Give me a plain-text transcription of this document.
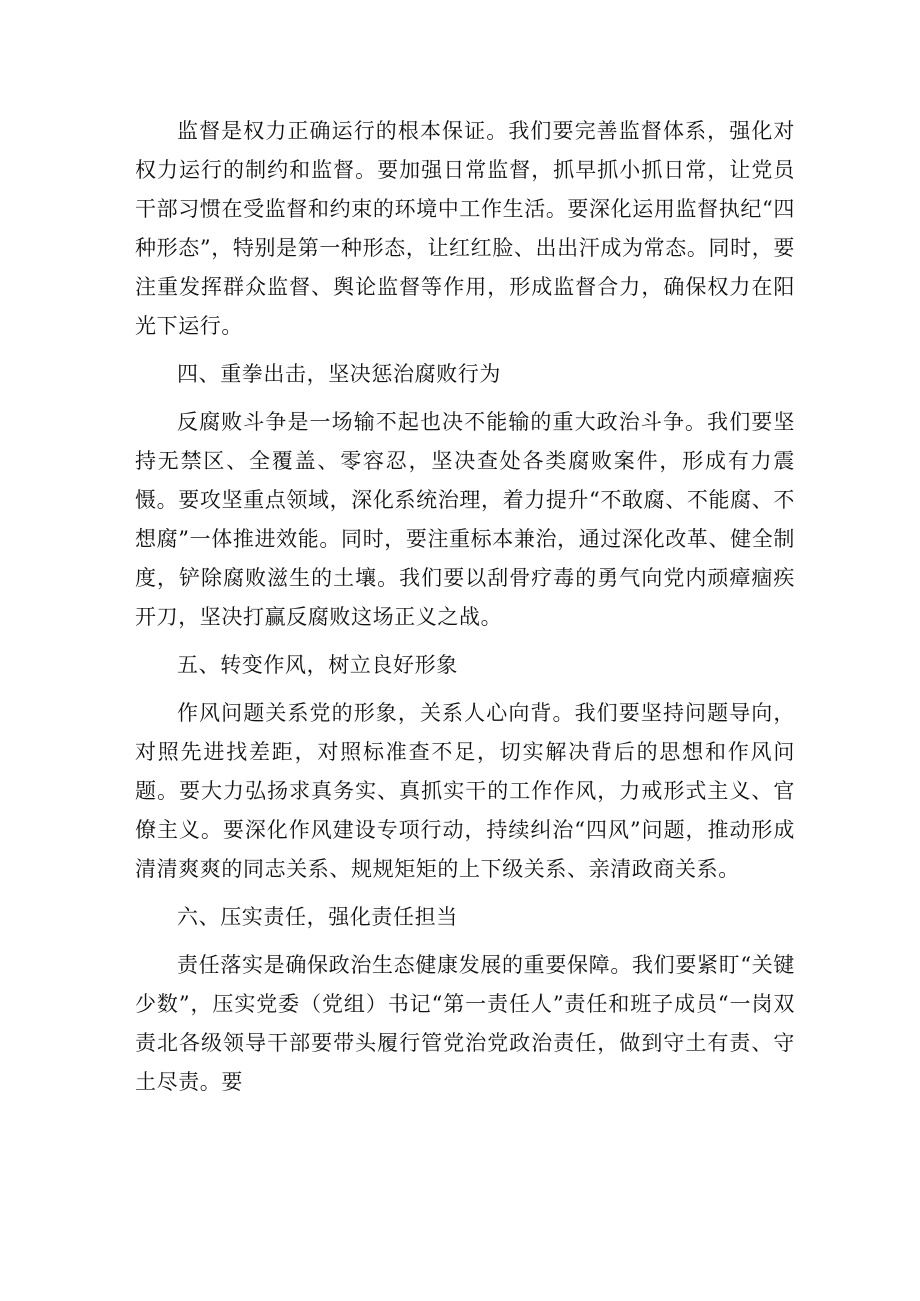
监督是权力正确运行的根本保证。我们要完善监督体系，强化对权力运行的制约和监督。要加强日常监督，抓早抓小抓日常，让党员干部习惯在受监督和约束的环境中工作生活。要深化运用监督执纪“四种形态”，特别是第一种形态，让红红脸、出出汗成为常态。同时，要注重发挥群众监督、舆论监督等作用，形成监督合力，确保权力在阳光下运行。

四、重拳出击，坚决惩治腐败行为

反腐败斗争是一场输不起也决不能输的重大政治斗争。我们要坚持无禁区、全覆盖、零容忍，坚决查处各类腐败案件，形成有力震慑。要攻坚重点领域，深化系统治理，着力提升“不敢腐、不能腐、不想腐”一体推进效能。同时，要注重标本兼治，通过深化改革、健全制度，铲除腐败滋生的土壤。我们要以刮骨疗毒的勇气向党内顽瘴痼疾开刀，坚决打赢反腐败这场正义之战。

五、转变作风，树立良好形象

作风问题关系党的形象，关系人心向背。我们要坚持问题导向，对照先进找差距，对照标准查不足，切实解决背后的思想和作风问题。要大力弘扬求真务实、真抓实干的工作作风，力戒形式主义、官僚主义。要深化作风建设专项行动，持续纠治“四风”问题，推动形成清清爽爽的同志关系、规规矩矩的上下级关系、亲清政商关系。

六、压实责任，强化责任担当

责任落实是确保政治生态健康发展的重要保障。我们要紧盯“关键少数”，压实党委（党组）书记“第一责任人”责任和班子成员“一岗双责北各级领导干部要带头履行管党治党政治责任，做到守土有责、守土尽责。要
